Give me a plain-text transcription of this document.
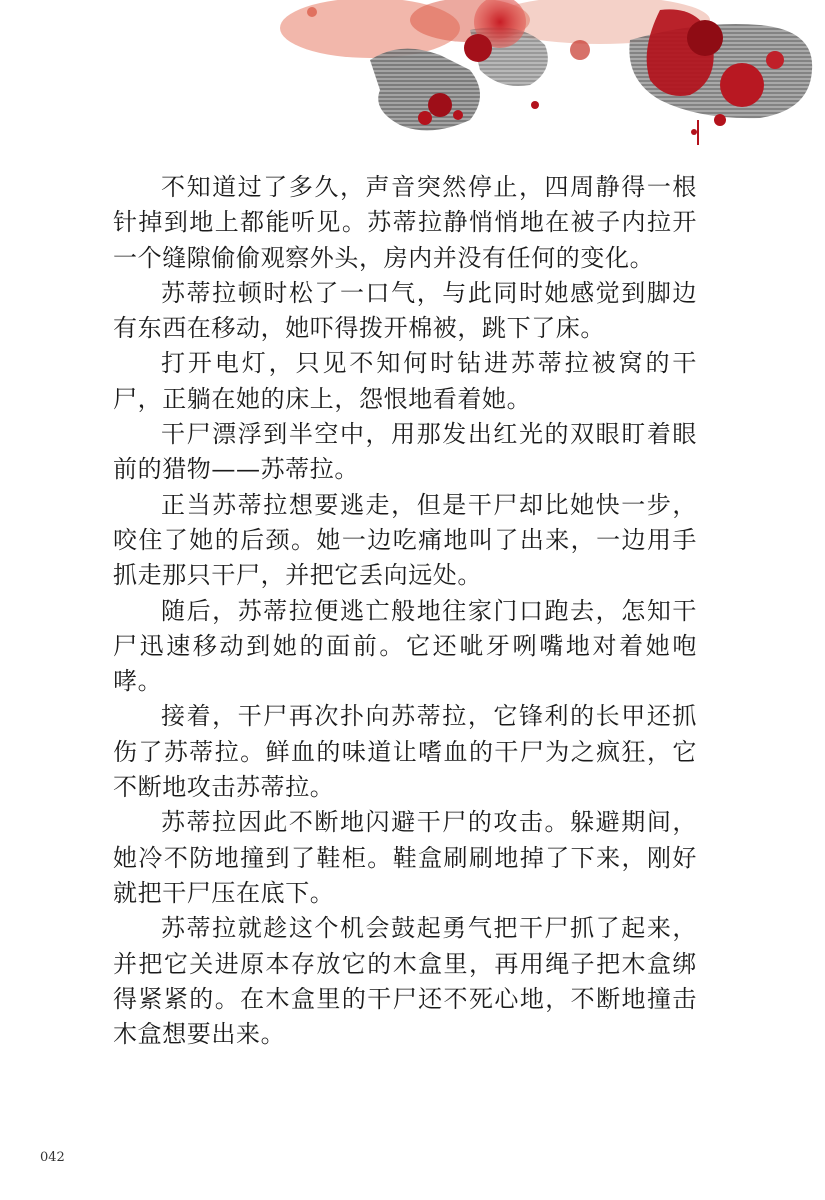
不知道过了多久，声音突然停止，四周静得一根针掉到地上都能听见。苏蒂拉静悄悄地在被子内拉开一个缝隙偷偷观察外头，房内并没有任何的变化。

苏蒂拉顿时松了一口气，与此同时她感觉到脚边有东西在移动，她吓得拨开棉被，跳下了床。

打开电灯，只见不知何时钻进苏蒂拉被窝的干尸，正躺在她的床上，怨恨地看着她。

干尸漂浮到半空中，用那发出红光的双眼盯着眼前的猎物——苏蒂拉。

正当苏蒂拉想要逃走，但是干尸却比她快一步，咬住了她的后颈。她一边吃痛地叫了出来，一边用手抓走那只干尸，并把它丢向远处。

随后，苏蒂拉便逃亡般地往家门口跑去，怎知干尸迅速移动到她的面前。它还呲牙咧嘴地对着她咆哮。

接着，干尸再次扑向苏蒂拉，它锋利的长甲还抓伤了苏蒂拉。鲜血的味道让嗜血的干尸为之疯狂，它不断地攻击苏蒂拉。

苏蒂拉因此不断地闪避干尸的攻击。躲避期间，她冷不防地撞到了鞋柜。鞋盒刷刷地掉了下来，刚好就把干尸压在底下。

苏蒂拉就趁这个机会鼓起勇气把干尸抓了起来，并把它关进原本存放它的木盒里，再用绳子把木盒绑得紧紧的。在木盒里的干尸还不死心地，不断地撞击木盒想要出来。

042
